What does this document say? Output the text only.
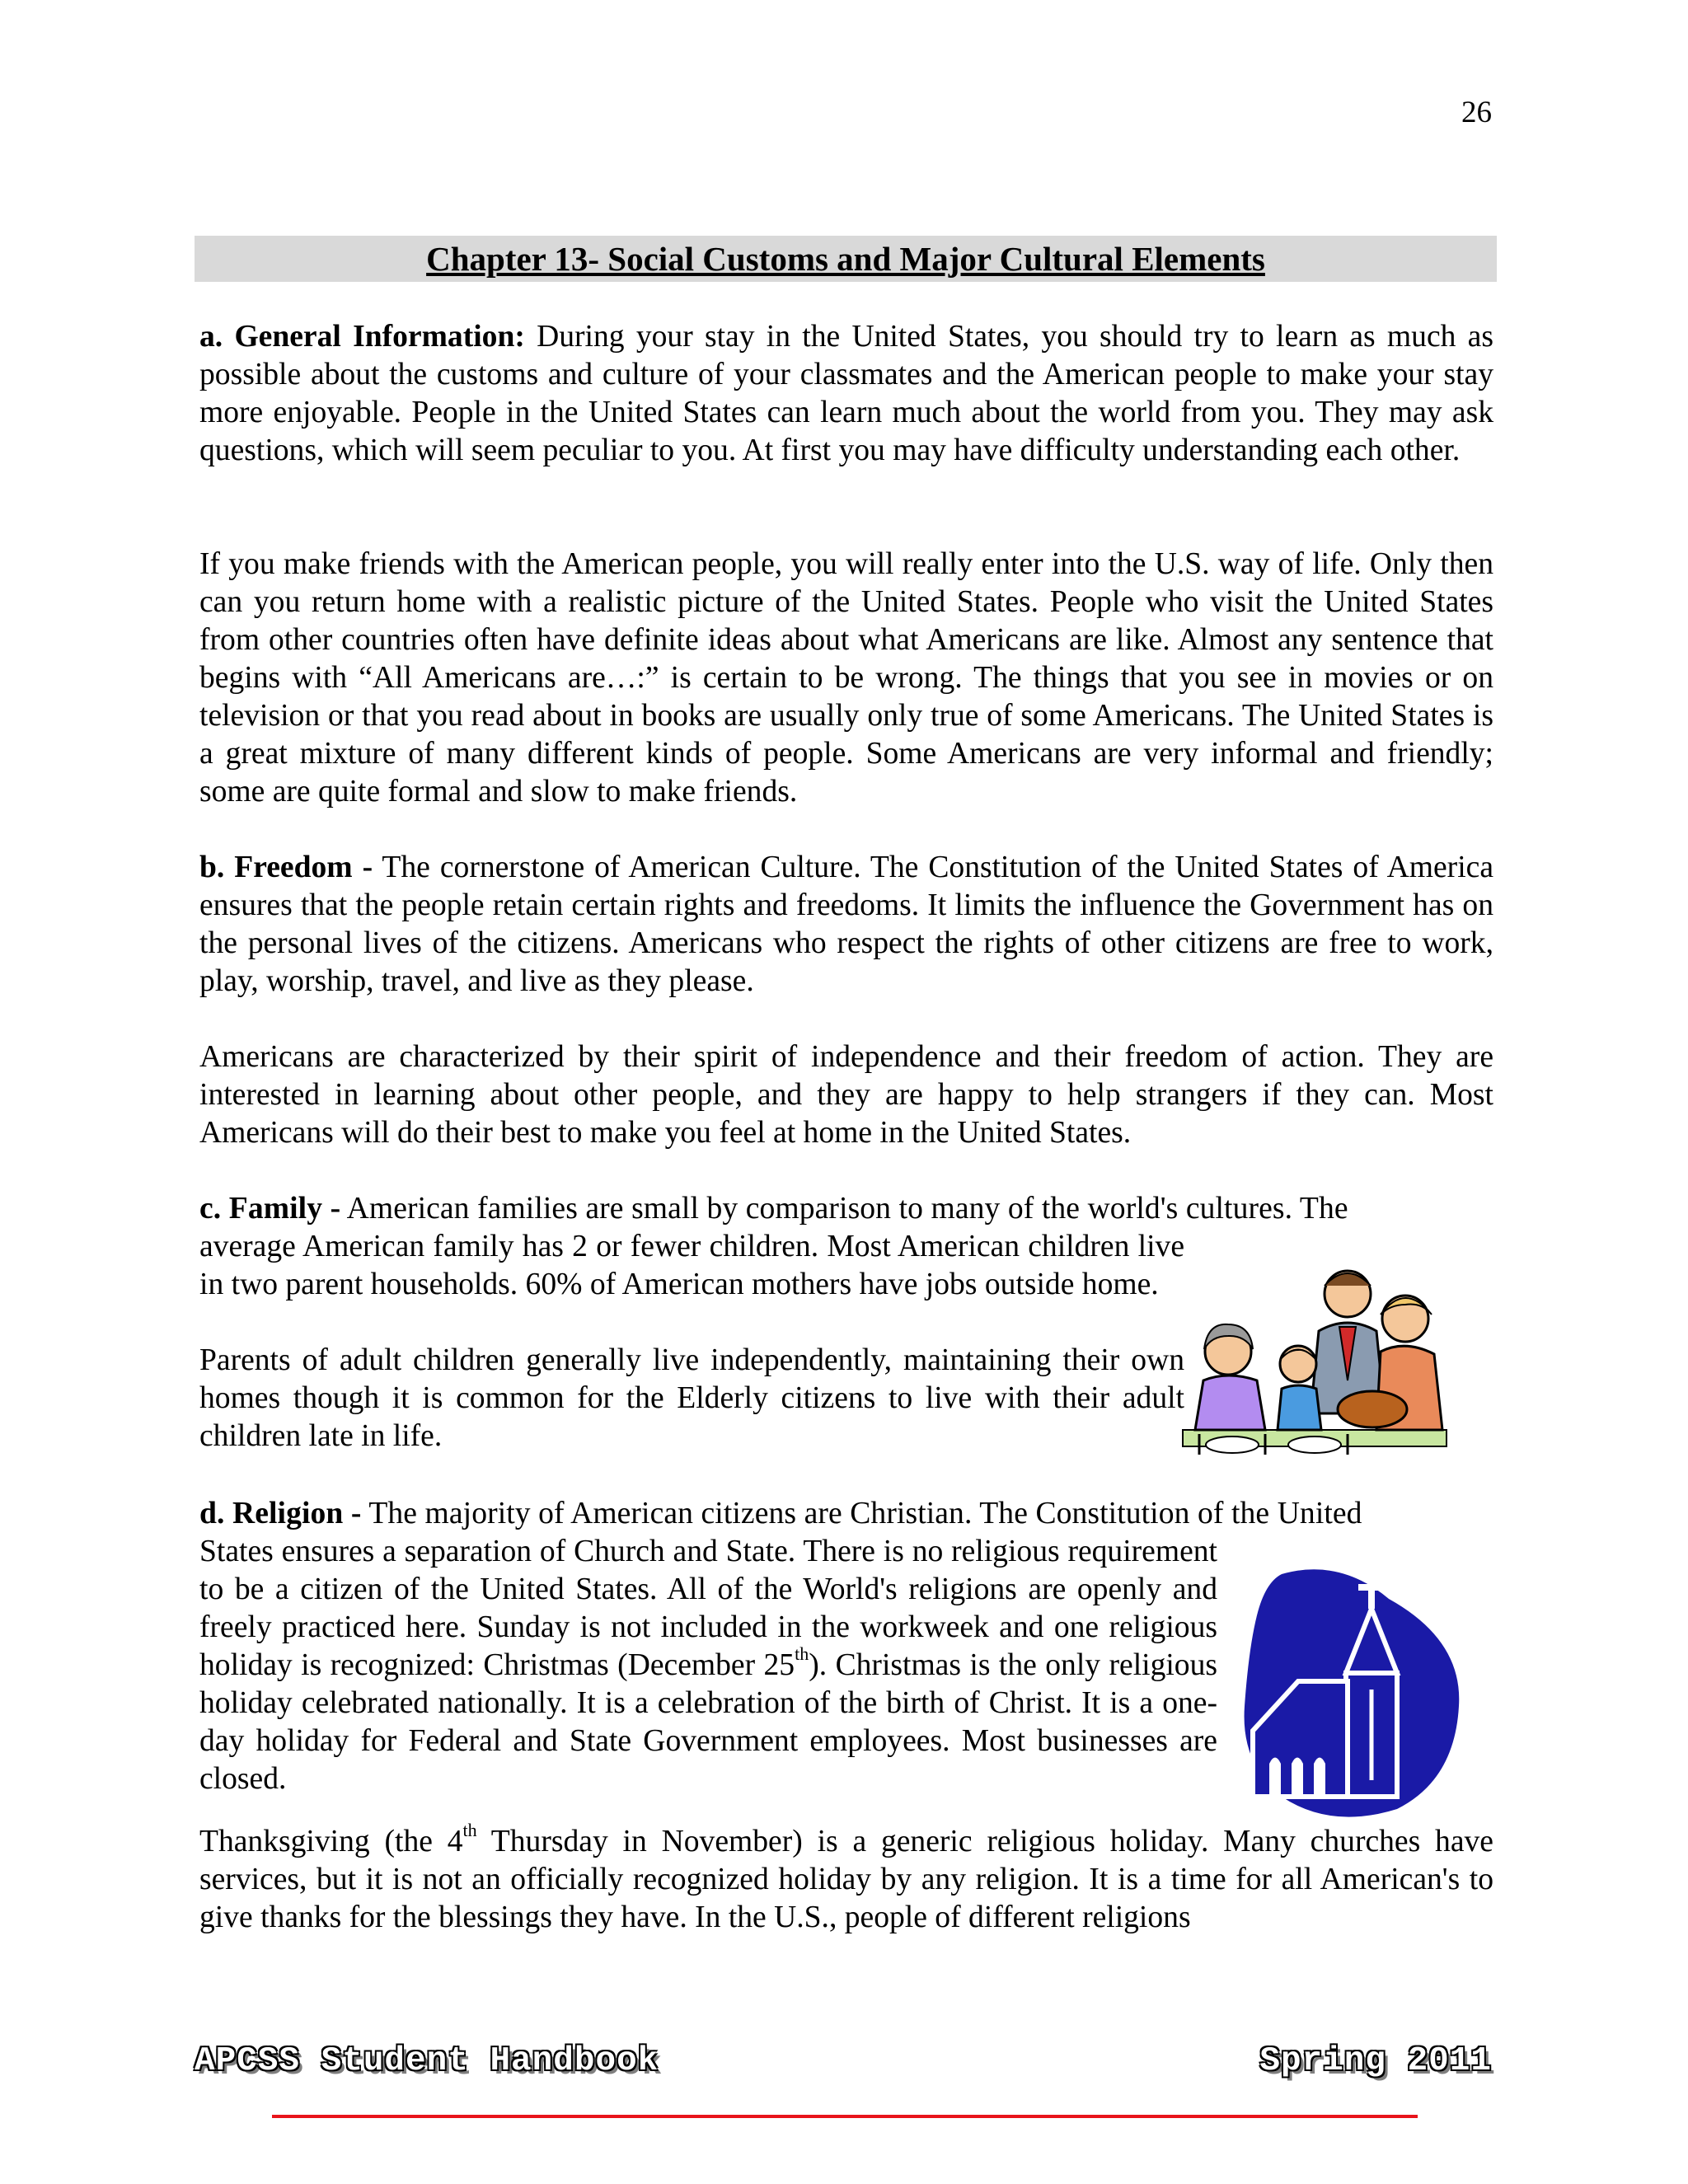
26
Chapter 13- Social Customs and Major Cultural Elements

a. General Information: During your stay in the United States, you should try to learn as much as possible about the customs and culture of your classmates and the American people to make your stay more enjoyable. People in the United States can learn much about the world from you. They may ask questions, which will seem peculiar to you. At first you may have difficulty understanding each other.

If you make friends with the American people, you will really enter into the U.S. way of life. Only then can you return home with a realistic picture of the United States. People who visit the United States from other countries often have definite ideas about what Americans are like. Almost any sentence that begins with “All Americans are…:” is certain to be wrong. The things that you see in movies or on television or that you read about in books are usually only true of some Americans. The United States is a great mixture of many different kinds of people. Some Americans are very informal and friendly; some are quite formal and slow to make friends.

b. Freedom - The cornerstone of American Culture. The Constitution of the United States of America ensures that the people retain certain rights and freedoms. It limits the influence the Government has on the personal lives of the citizens. Americans who respect the rights of other citizens are free to work, play, worship, travel, and live as they please.

Americans are characterized by their spirit of independence and their freedom of action. They are interested in learning about other people, and they are happy to help strangers if they can. Most Americans will do their best to make you feel at home in the United States.

c. Family - American families are small by comparison to many of the world's cultures. The

average American family has 2 or fewer children. Most American children live in two parent households. 60% of American mothers have jobs outside home.

Parents of adult children generally live independently, maintaining their own homes though it is common for the Elderly citizens to live with their adult children late in life.

d. Religion - The majority of American citizens are Christian. The Constitution of the United

States ensures a separation of Church and State. There is no religious requirement to be a citizen of the United States. All of the World's religions are openly and freely practiced here. Sunday is not included in the workweek and one religious holiday is recognized: Christmas (December 25th). Christmas is the only religious holiday celebrated nationally. It is a celebration of the birth of Christ. It is a one-day holiday for Federal and State Government employees. Most businesses are closed.

Thanksgiving (the 4th Thursday in November) is a generic religious holiday. Many churches have services, but it is not an officially recognized holiday by any religion. It is a time for all American's to give thanks for the blessings they have. In the U.S., people of different religions

APCSS Student Handbook	Spring 2011
